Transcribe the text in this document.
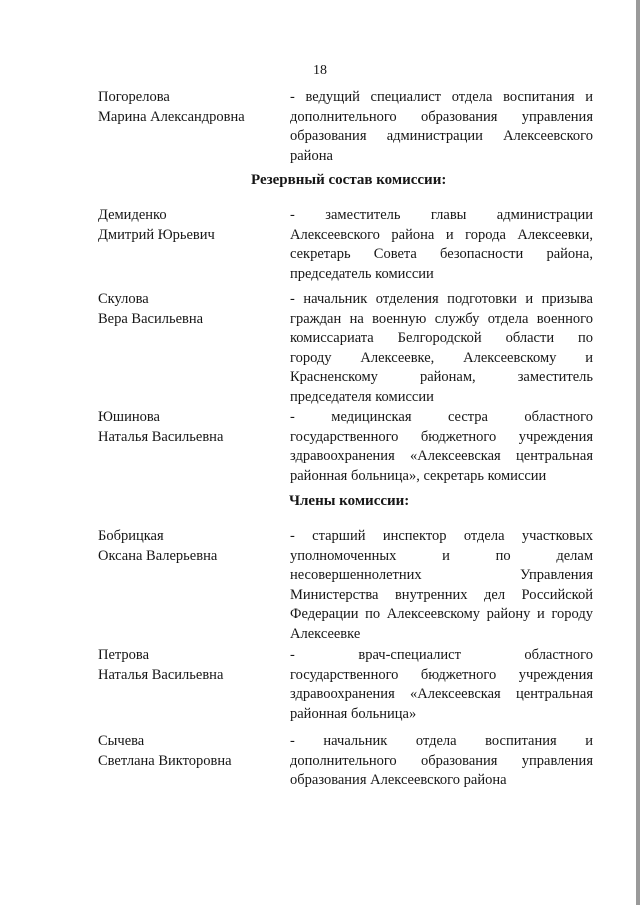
18
Резервный состав комиссии:
Члены комиссии:
Погорелова
Марина Александровна
- ведущий специалист отдела воспитания и
дополнительного образования управления
образования администрации Алексеевского
района
Демиденко
Дмитрий Юрьевич
- заместитель главы администрации
Алексеевского района и города Алексеевки,
секретарь Совета безопасности района,
председатель комиссии
Скулова
Вера Васильевна
- начальник отделения подготовки и призыва
граждан на военную службу отдела военного
комиссариата Белгородской области по
городу Алексеевке, Алексеевскому и
Красненскому районам, заместитель
председателя комиссии
Юшинова
Наталья Васильевна
- медицинская сестра областного
государственного бюджетного учреждения
здравоохранения «Алексеевская центральная
районная больница», секретарь комиссии
Бобрицкая
Оксана Валерьевна
- старший инспектор отдела участковых
уполномоченных и по делам
несовершеннолетних Управления
Министерства внутренних дел Российской
Федерации по Алексеевскому району и городу
Алексеевке
Петрова
Наталья Васильевна
- врач-специалист областного
государственного бюджетного учреждения
здравоохранения «Алексеевская центральная
районная больница»
Сычева
Светлана Викторовна
- начальник отдела воспитания и
дополнительного образования управления
образования Алексеевского района
